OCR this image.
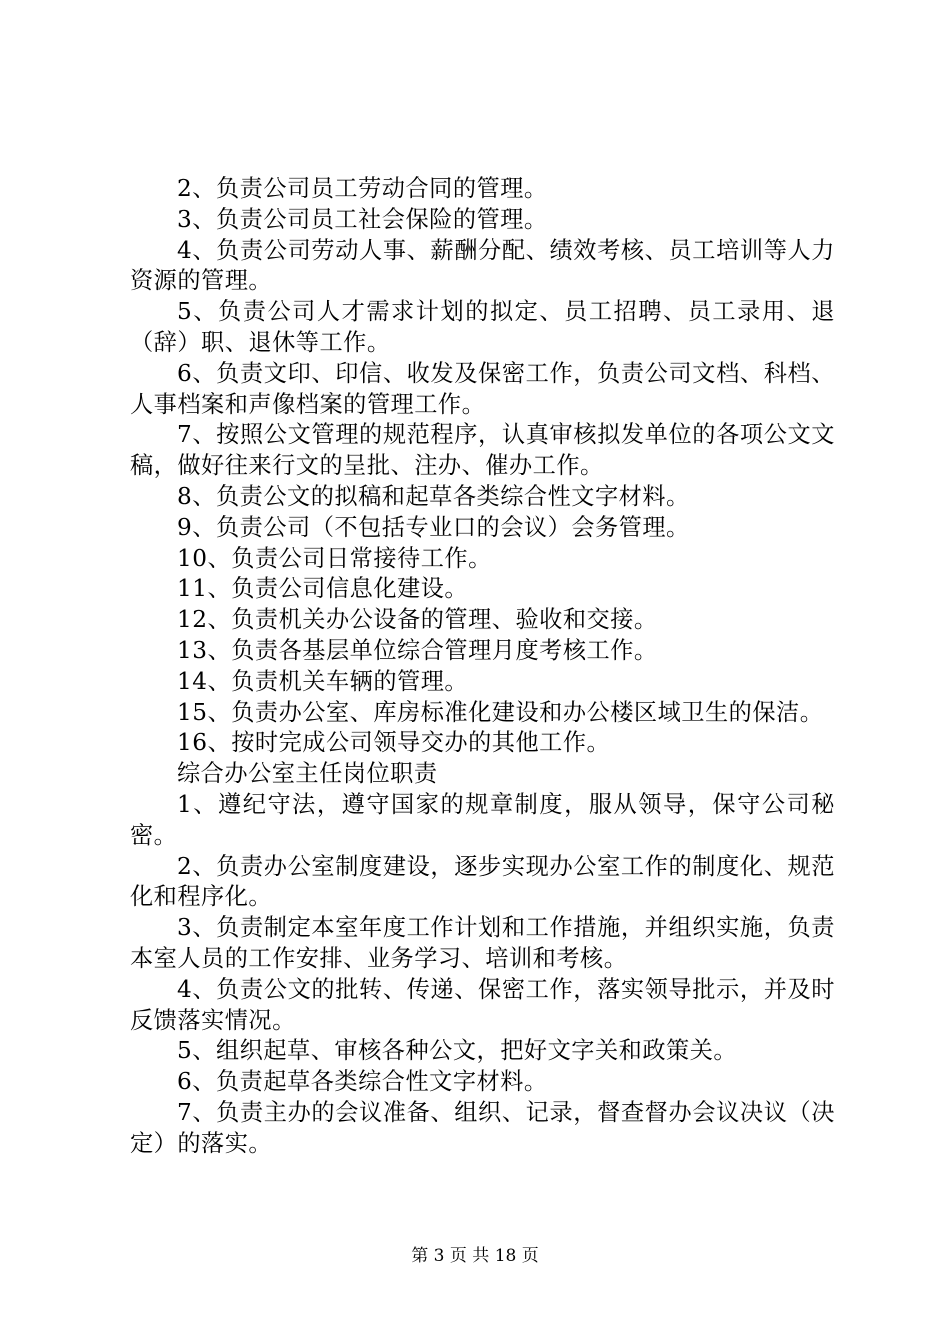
2、负责公司员工劳动合同的管理。

3、负责公司员工社会保险的管理。

4、负责公司劳动人事、薪酬分配、绩效考核、员工培训等人力资源的管理。

5、负责公司人才需求计划的拟定、员工招聘、员工录用、退（辞）职、退休等工作。

6、负责文印、印信、收发及保密工作，负责公司文档、科档、人事档案和声像档案的管理工作。

7、按照公文管理的规范程序，认真审核拟发单位的各项公文文稿，做好往来行文的呈批、注办、催办工作。

8、负责公文的拟稿和起草各类综合性文字材料。

9、负责公司（不包括专业口的会议）会务管理。

10、负责公司日常接待工作。

11、负责公司信息化建设。

12、负责机关办公设备的管理、验收和交接。

13、负责各基层单位综合管理月度考核工作。

14、负责机关车辆的管理。

15、负责办公室、库房标准化建设和办公楼区域卫生的保洁。

16、按时完成公司领导交办的其他工作。

综合办公室主任岗位职责

1、遵纪守法，遵守国家的规章制度，服从领导，保守公司秘密。

2、负责办公室制度建设，逐步实现办公室工作的制度化、规范化和程序化。

3、负责制定本室年度工作计划和工作措施，并组织实施，负责本室人员的工作安排、业务学习、培训和考核。

4、负责公文的批转、传递、保密工作，落实领导批示，并及时反馈落实情况。

5、组织起草、审核各种公文，把好文字关和政策关。

6、负责起草各类综合性文字材料。

7、负责主办的会议准备、组织、记录，督查督办会议决议（决定）的落实。

第 3 页 共 18 页
